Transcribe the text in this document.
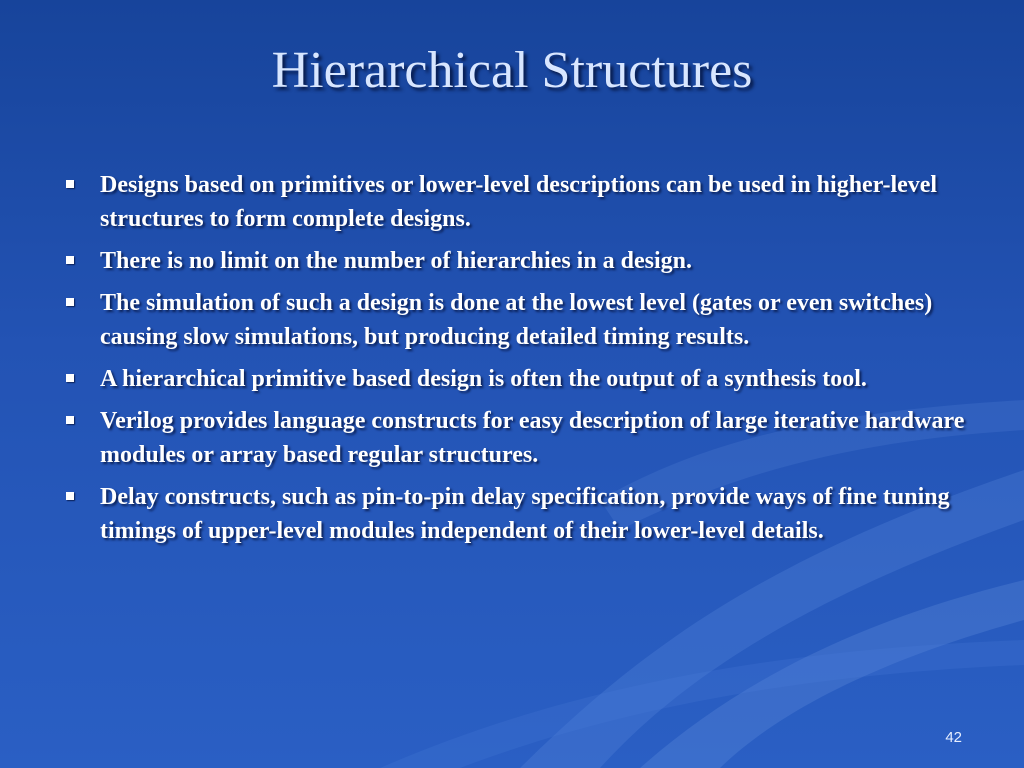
Hierarchical Structures
Designs based on primitives or lower-level descriptions can be used in higher-level structures to form complete designs.
There is no limit on the number of hierarchies in a design.
The simulation of such a design is done at the lowest level (gates or even switches) causing slow simulations, but producing detailed timing results.
A hierarchical primitive based design is often the output of a synthesis tool.
Verilog provides language constructs for easy description of large iterative hardware modules or array based regular structures.
Delay constructs, such as pin-to-pin delay specification, provide ways of fine tuning timings of upper-level modules independent of their lower-level details.
42
